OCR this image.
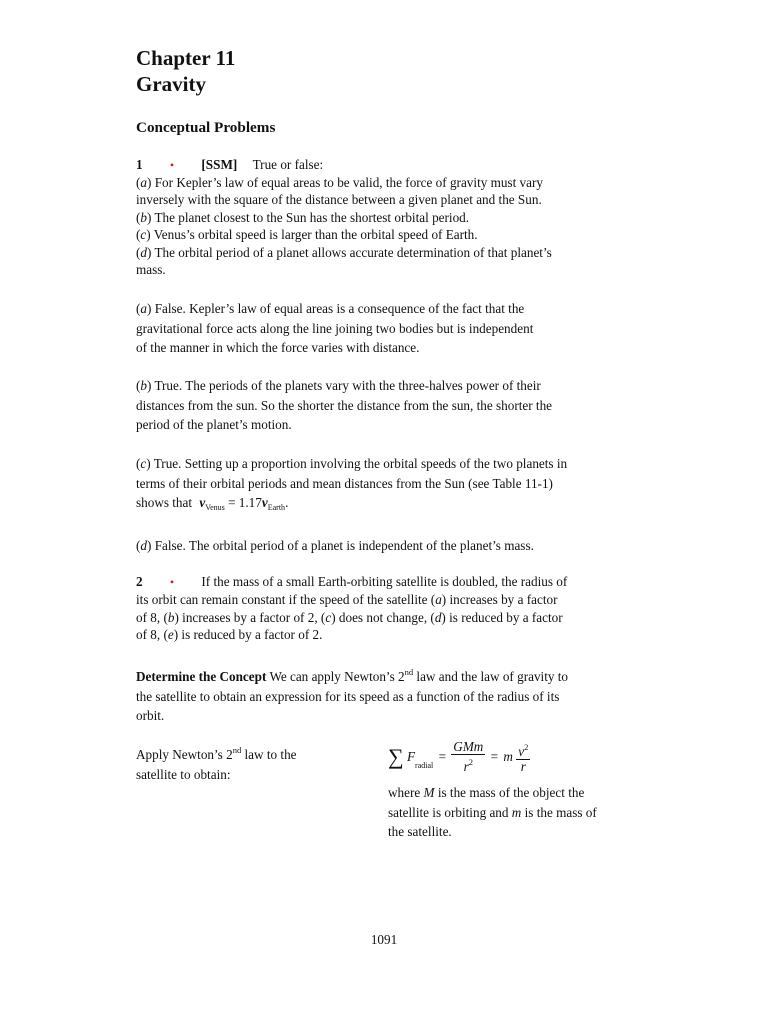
Chapter 11
Gravity
Conceptual Problems
1 • [SSM] True or false:
(a) For Kepler’s law of equal areas to be valid, the force of gravity must vary
inversely with the square of the distance between a given planet and the Sun.
(b) The planet closest to the Sun has the shortest orbital period.
(c) Venus’s orbital speed is larger than the orbital speed of Earth.
(d) The orbital period of a planet allows accurate determination of that planet’s
mass.
(a) False. Kepler’s law of equal areas is a consequence of the fact that the
gravitational force acts along the line joining two bodies but is independent
of the manner in which the force varies with distance.
(b) True. The periods of the planets vary with the three-halves power of their
distances from the sun. So the shorter the distance from the sun, the shorter the
period of the planet’s motion.
(c) True. Setting up a proportion involving the orbital speeds of the two planets in
terms of their orbital periods and mean distances from the Sun (see Table 11-1)
shows that $v_{Venus} = 1.17v_{Earth}$.
(d) False. The orbital period of a planet is independent of the planet’s mass.
2 • If the mass of a small Earth-orbiting satellite is doubled, the radius of
its orbit can remain constant if the speed of the satellite (a) increases by a factor
of 8, (b) increases by a factor of 2, (c) does not change, (d) is reduced by a factor
of 8, (e) is reduced by a factor of 2.
Determine the Concept We can apply Newton’s 2nd law and the law of gravity to
the satellite to obtain an expression for its speed as a function of the radius of its
orbit.
Apply Newton’s 2nd law to the
satellite to obtain:
∑ $F_{radial} = \frac{\text{GMm}}{r^2} = m \frac{v^2}{r}$
where M is the mass of the object the
satellite is orbiting and m is the mass of
the satellite.
1091
